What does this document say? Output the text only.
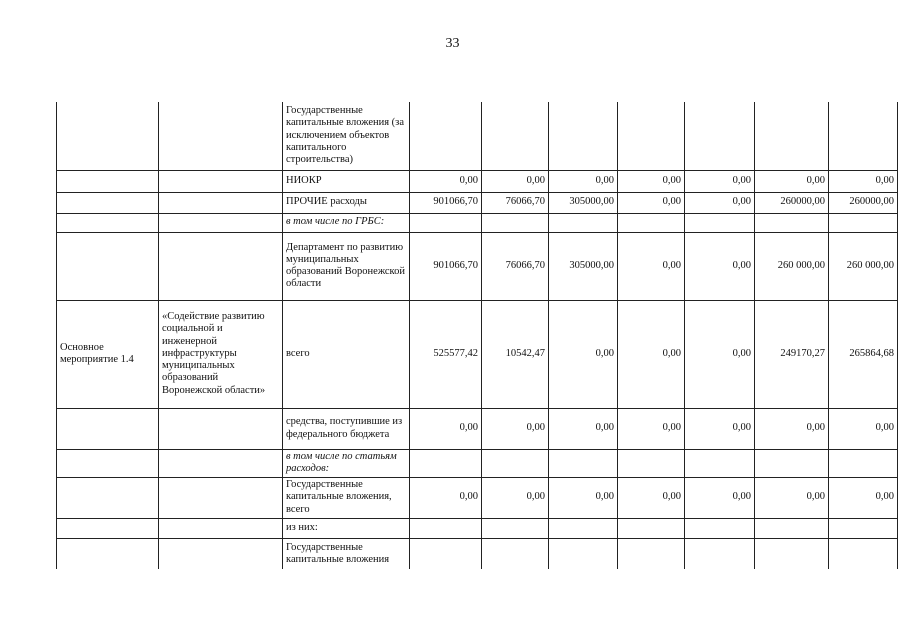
33
		Государственные капитальные вложения (за исключением объектов капитального строительства)							
		НИОКР	0,00	0,00	0,00	0,00	0,00	0,00	0,00
		ПРОЧИЕ расходы	901066,70	76066,70	305000,00	0,00	0,00	260000,00	260000,00
		в том числе по ГРБС:							
		Департамент по развитию муниципальных образований Воронежской области	901066,70	76066,70	305000,00	0,00	0,00	260 000,00	260 000,00
Основное мероприятие 1.4	«Содействие развитию социальной и инженерной инфраструктуры муниципальных образований Воронежской области»	всего	525577,42	10542,47	0,00	0,00	0,00	249170,27	265864,68
		средства, поступившие из федерального бюджета	0,00	0,00	0,00	0,00	0,00	0,00	0,00
		в том числе по статьям расходов:							
		Государственные капитальные вложения, всего	0,00	0,00	0,00	0,00	0,00	0,00	0,00
		из них:							
		Государственные капитальные вложения							
